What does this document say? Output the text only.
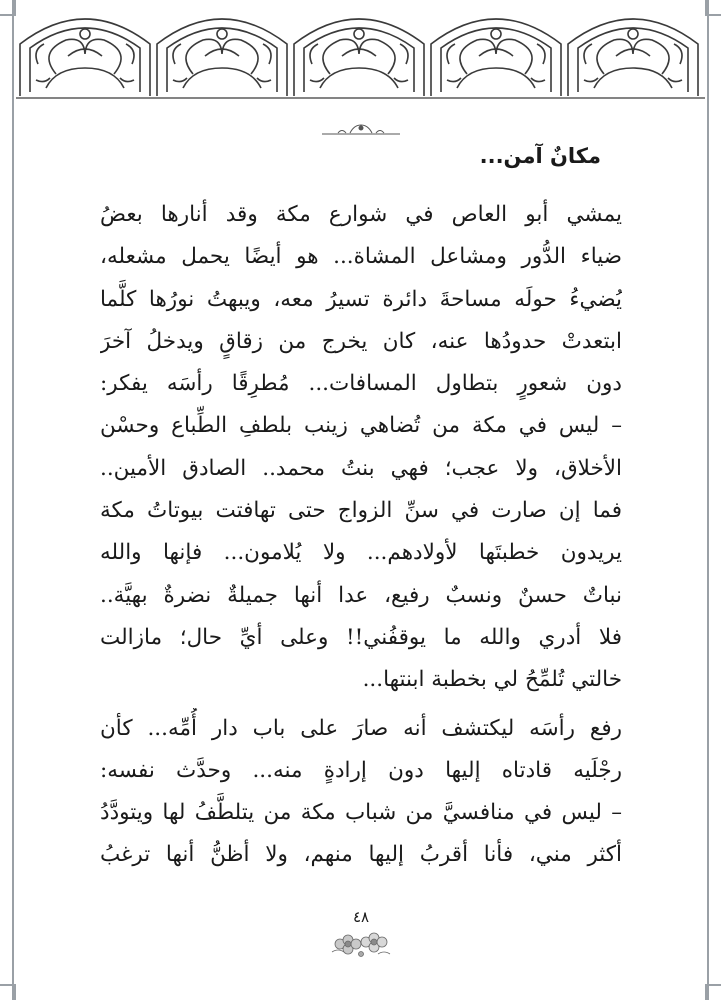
مكانٌ آمن...
يمشي أبو العاص في شوارع مكة وقد أنارها بعضُ
ضياء الدُّور ومشاعل المشاة... هو أيضًا يحمل مشعله،
يُضيءُ حولَه مساحةَ دائرة تسيرُ معه، ويبهتُ نورُها كلَّما
ابتعدتْ حدودُها عنه، كان يخرج من زقاقٍ ويدخلُ آخرَ
دون شعورٍ بتطاول المسافات... مُطرِقًا رأسَه يفكر:
– ليس في مكة من تُضاهي زينب بلطفِ الطِّباع وحسْن
الأخلاق، ولا عجب؛ فهي بنتُ محمد.. الصادق الأمين..
فما إن صارت في سنِّ الزواج حتى تهافتت بيوتاتُ مكة
يريدون خطبتَها لأولادهم... ولا يُلامون... فإنها والله
نباتٌ حسنٌ ونسبٌ رفيع، عدا أنها جميلةٌ نضرةٌ بهيَّة..
فلا أدري والله ما يوقفُني!! وعلى أيِّ حال؛ مازالت
خالتي تُلمِّحُ لي بخطبة ابنتها...
رفع رأسَه ليكتشف أنه صارَ على باب دار أُمِّه... كأن
رجْلَيه قادتاه إليها دون إرادةٍ منه... وحدَّث نفسه:
– ليس في منافسيَّ من شباب مكة من يتلطَّفُ لها ويتودَّدُ
أكثر مني، فأنا أقربُ إليها منهم، ولا أظنُّ أنها ترغبُ
٤٨
